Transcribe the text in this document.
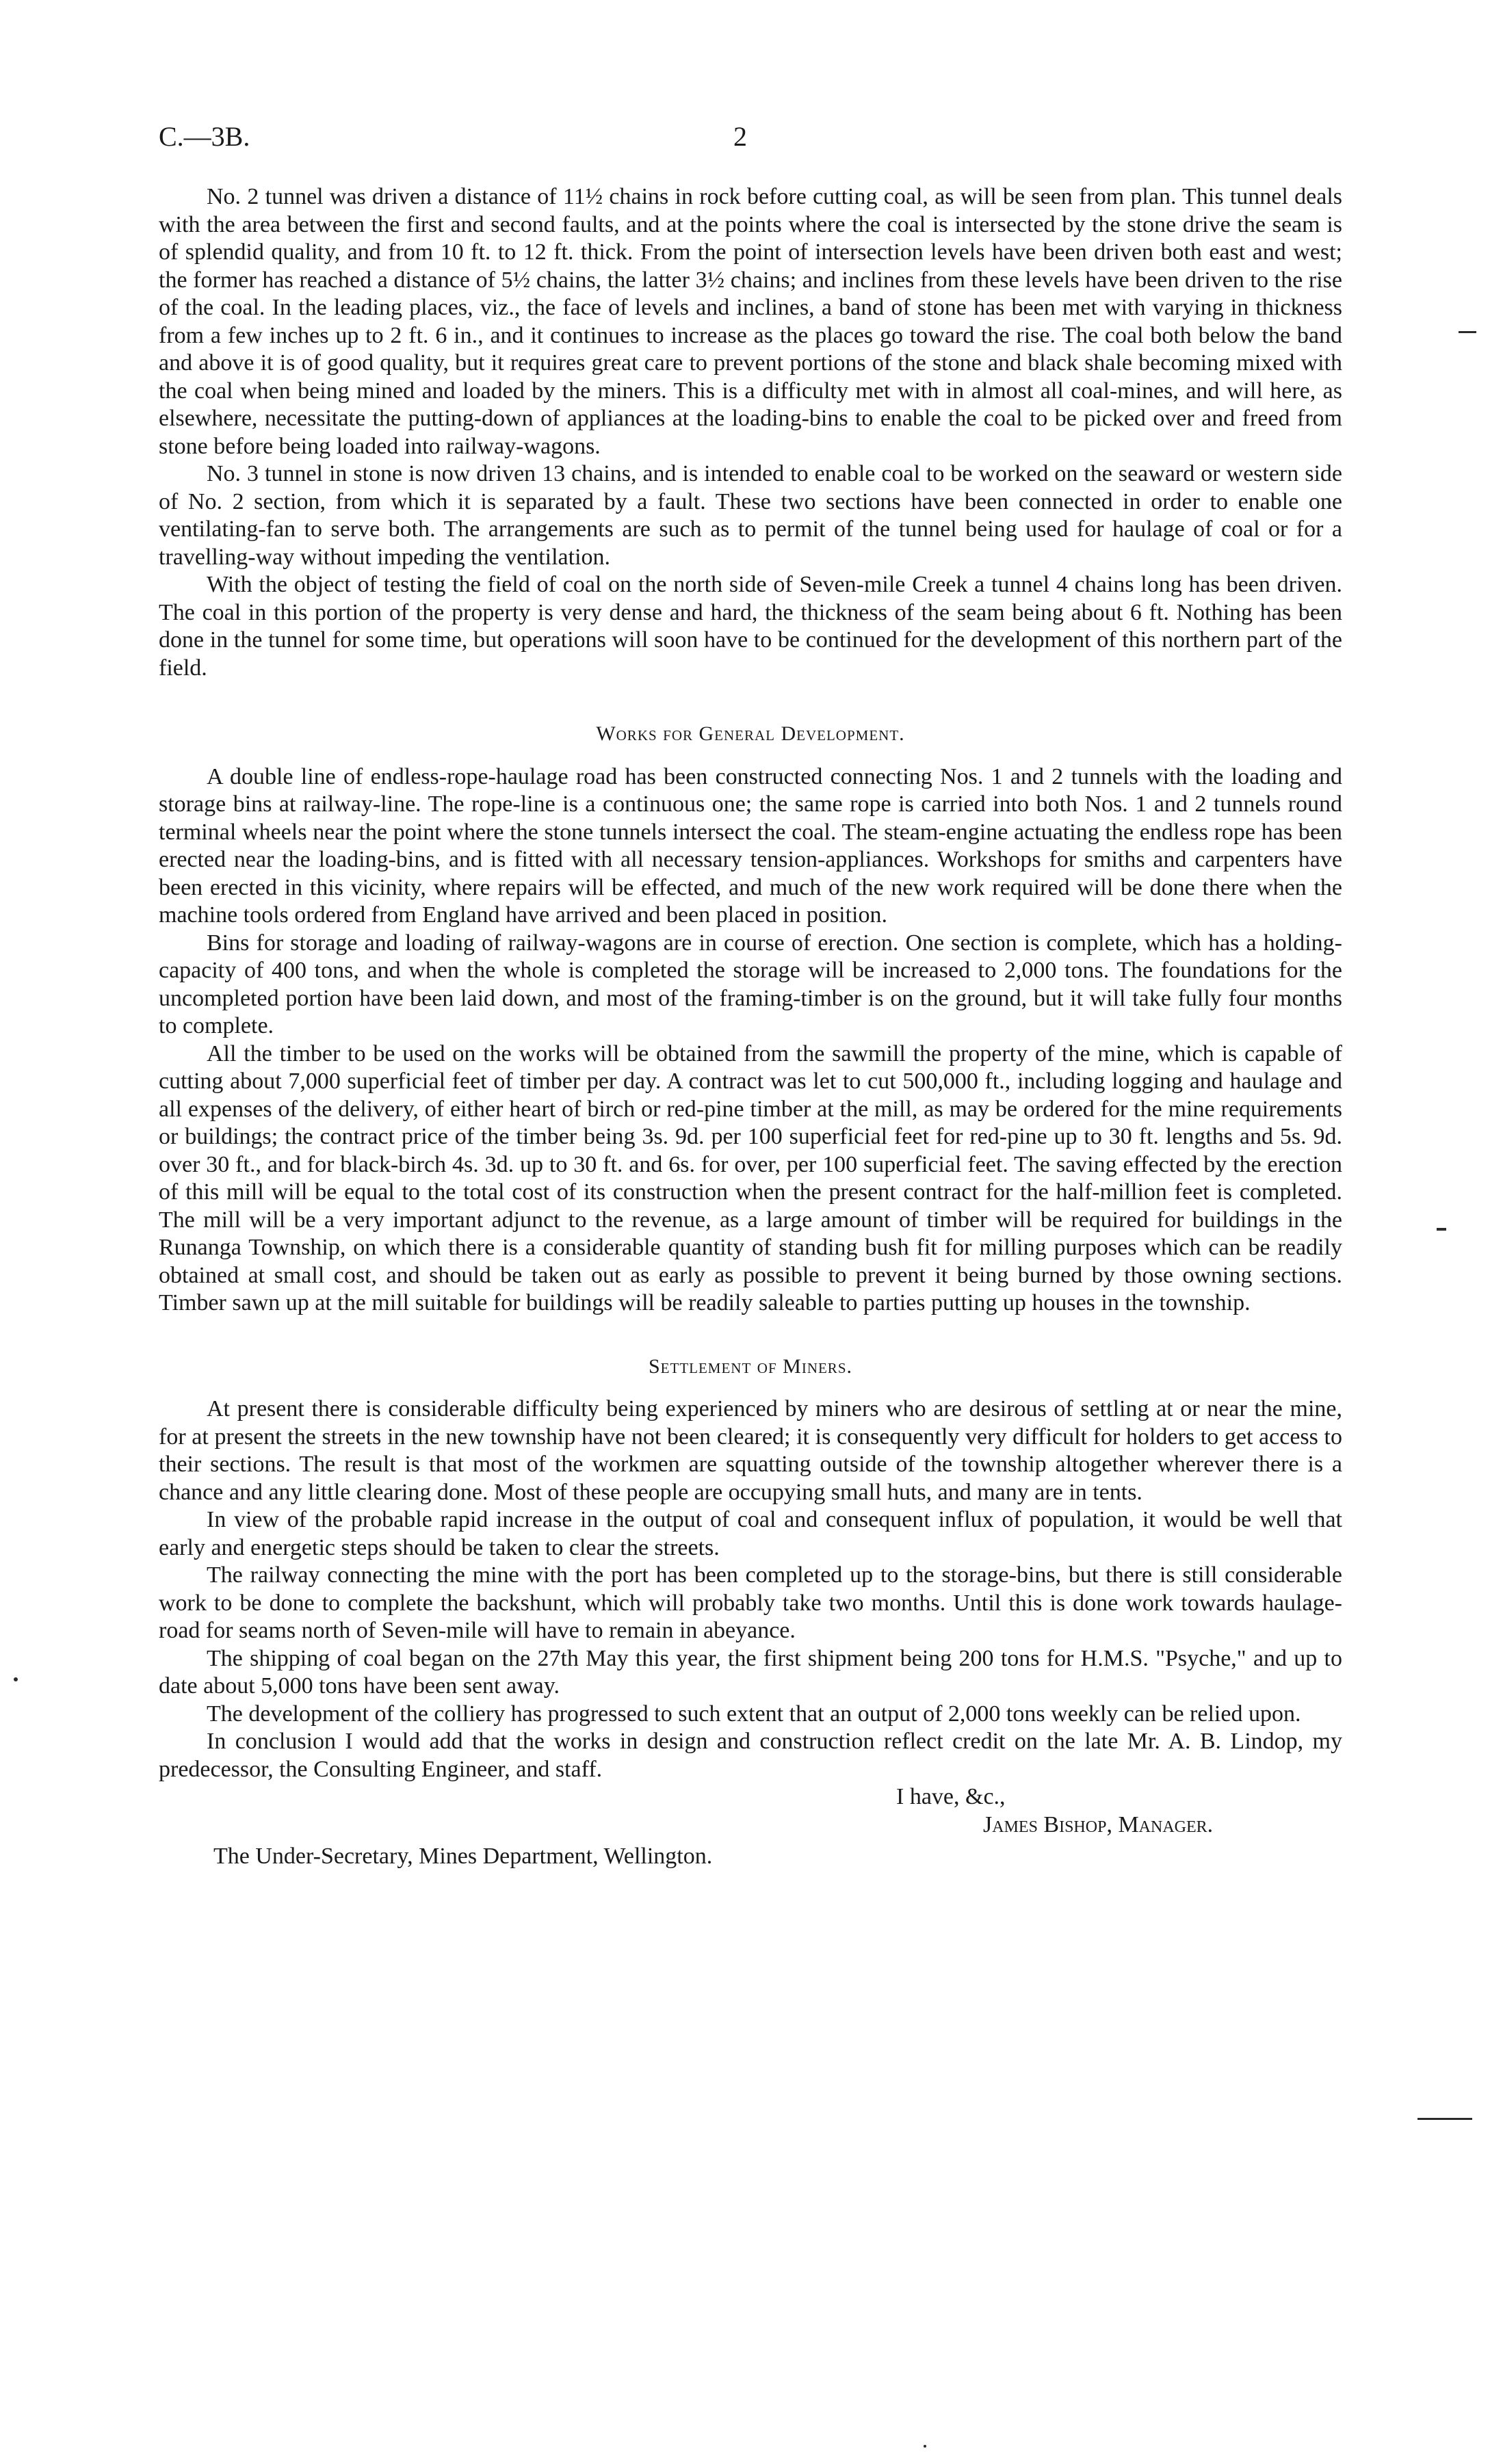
C.—3B.	2

No. 2 tunnel was driven a distance of 11½ chains in rock before cutting coal, as will be seen from plan. This tunnel deals with the area between the first and second faults, and at the points where the coal is intersected by the stone drive the seam is of splendid quality, and from 10 ft. to 12 ft. thick. From the point of intersection levels have been driven both east and west; the former has reached a distance of 5½ chains, the latter 3½ chains; and inclines from these levels have been driven to the rise of the coal. In the leading places, viz., the face of levels and inclines, a band of stone has been met with varying in thickness from a few inches up to 2 ft. 6 in., and it continues to increase as the places go toward the rise. The coal both below the band and above it is of good quality, but it requires great care to prevent portions of the stone and black shale becoming mixed with the coal when being mined and loaded by the miners. This is a difficulty met with in almost all coal-mines, and will here, as elsewhere, necessitate the putting-down of appliances at the loading-bins to enable the coal to be picked over and freed from stone before being loaded into railway-wagons.

No. 3 tunnel in stone is now driven 13 chains, and is intended to enable coal to be worked on the seaward or western side of No. 2 section, from which it is separated by a fault. These two sections have been connected in order to enable one ventilating-fan to serve both. The arrangements are such as to permit of the tunnel being used for haulage of coal or for a travelling-way without impeding the ventilation.

With the object of testing the field of coal on the north side of Seven-mile Creek a tunnel 4 chains long has been driven. The coal in this portion of the property is very dense and hard, the thickness of the seam being about 6 ft. Nothing has been done in the tunnel for some time, but operations will soon have to be continued for the development of this northern part of the field.

Works for General Development.

A double line of endless-rope-haulage road has been constructed connecting Nos. 1 and 2 tunnels with the loading and storage bins at railway-line. The rope-line is a continuous one; the same rope is carried into both Nos. 1 and 2 tunnels round terminal wheels near the point where the stone tunnels intersect the coal. The steam-engine actuating the endless rope has been erected near the loading-bins, and is fitted with all necessary tension-appliances. Workshops for smiths and carpenters have been erected in this vicinity, where repairs will be effected, and much of the new work required will be done there when the machine tools ordered from England have arrived and been placed in position.

Bins for storage and loading of railway-wagons are in course of erection. One section is complete, which has a holding-capacity of 400 tons, and when the whole is completed the storage will be increased to 2,000 tons. The foundations for the uncompleted portion have been laid down, and most of the framing-timber is on the ground, but it will take fully four months to complete.

All the timber to be used on the works will be obtained from the sawmill the property of the mine, which is capable of cutting about 7,000 superficial feet of timber per day. A contract was let to cut 500,000 ft., including logging and haulage and all expenses of the delivery, of either heart of birch or red-pine timber at the mill, as may be ordered for the mine requirements or buildings; the contract price of the timber being 3s. 9d. per 100 superficial feet for red-pine up to 30 ft. lengths and 5s. 9d. over 30 ft., and for black-birch 4s. 3d. up to 30 ft. and 6s. for over, per 100 superficial feet. The saving effected by the erection of this mill will be equal to the total cost of its construction when the present contract for the half-million feet is completed. The mill will be a very important adjunct to the revenue, as a large amount of timber will be required for buildings in the Runanga Township, on which there is a considerable quantity of standing bush fit for milling purposes which can be readily obtained at small cost, and should be taken out as early as possible to prevent it being burned by those owning sections. Timber sawn up at the mill suitable for buildings will be readily saleable to parties putting up houses in the township.

Settlement of Miners.

At present there is considerable difficulty being experienced by miners who are desirous of settling at or near the mine, for at present the streets in the new township have not been cleared; it is consequently very difficult for holders to get access to their sections. The result is that most of the workmen are squatting outside of the township altogether wherever there is a chance and any little clearing done. Most of these people are occupying small huts, and many are in tents.

In view of the probable rapid increase in the output of coal and consequent influx of population, it would be well that early and energetic steps should be taken to clear the streets.

The railway connecting the mine with the port has been completed up to the storage-bins, but there is still considerable work to be done to complete the backshunt, which will probably take two months. Until this is done work towards haulage-road for seams north of Seven-mile will have to remain in abeyance.

The shipping of coal began on the 27th May this year, the first shipment being 200 tons for H.M.S. "Psyche," and up to date about 5,000 tons have been sent away.

The development of the colliery has progressed to such extent that an output of 2,000 tons weekly can be relied upon.

In conclusion I would add that the works in design and construction reflect credit on the late Mr. A. B. Lindop, my predecessor, the Consulting Engineer, and staff.

I have, &c.,

James Bishop, Manager.

The Under-Secretary, Mines Department, Wellington.
